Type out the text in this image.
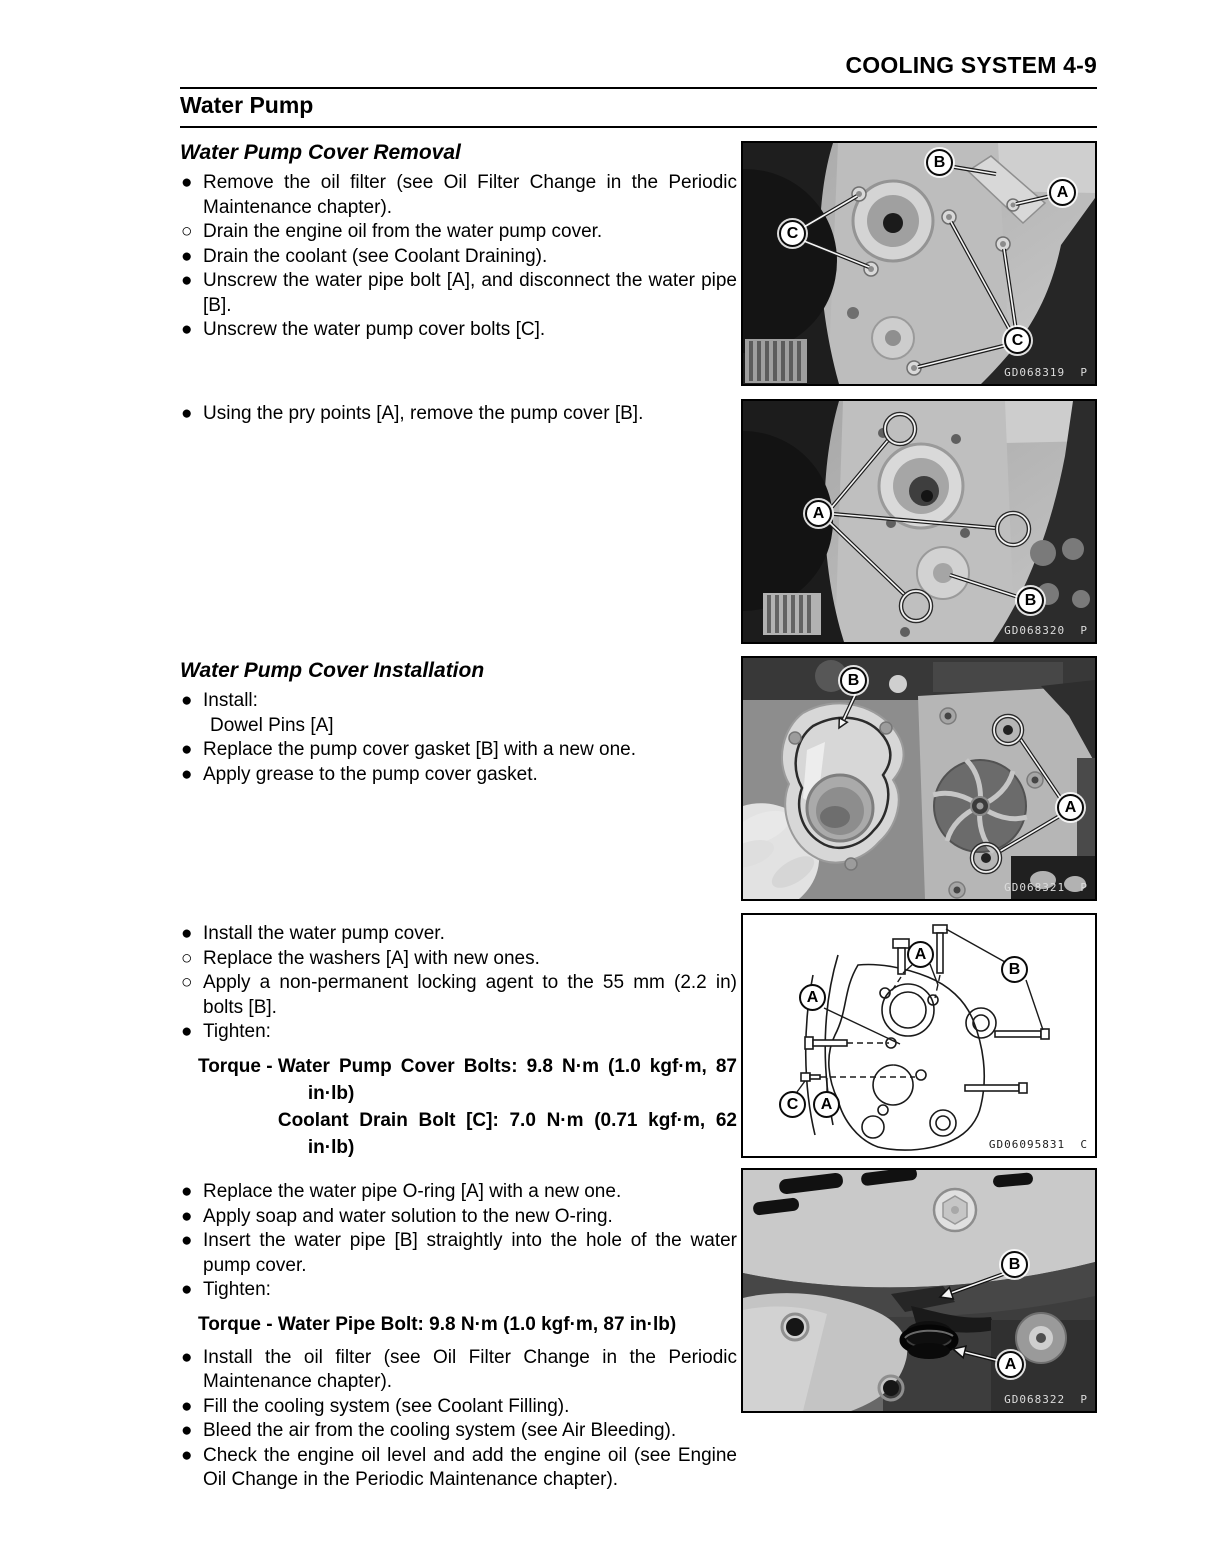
COOLING SYSTEM 4-9
Water Pump

Water Pump Cover Removal

● Remove the oil filter (see Oil Filter Change in the Periodic Maintenance chapter).
○ Drain the engine oil from the water pump cover.
● Drain the coolant (see Coolant Draining).
● Unscrew the water pipe bolt [A], and disconnect the water pipe [B].
● Unscrew the water pump cover bolts [C].
● Using the pry points [A], remove the pump cover [B].

Water Pump Cover Installation

● Install:
Dowel Pins [A]
● Replace the pump cover gasket [B] with a new one.
● Apply grease to the pump cover gasket.
● Install the water pump cover.
○ Replace the washers [A] with new ones.
○ Apply a non-permanent locking agent to the 55 mm (2.2 in) bolts [B].
● Tighten:
Torque - Water Pump Cover Bolts: 9.8 N·m (1.0 kgf·m, 87 in·lb)
Coolant Drain Bolt [C]: 7.0 N·m (0.71 kgf·m, 62 in·lb)
● Replace the water pipe O-ring [A] with a new one.
● Apply soap and water solution to the new O-ring.
● Insert the water pipe [B] straightly into the hole of the water pump cover.
● Tighten:
Torque - Water Pipe Bolt: 9.8 N·m (1.0 kgf·m, 87 in·lb)
● Install the oil filter (see Oil Filter Change in the Periodic Maintenance chapter).
● Fill the cooling system (see Coolant Filling).
● Bleed the air from the cooling system (see Air Bleeding).
● Check the engine oil level and add the engine oil (see Engine Oil Change in the Periodic Maintenance chapter).
B
A
C
C
GD068319  P
A
B
GD068320  P
B
A
GD068321  P
A
A
B
C A
GD06095831  C
B
A
GD068322  P
